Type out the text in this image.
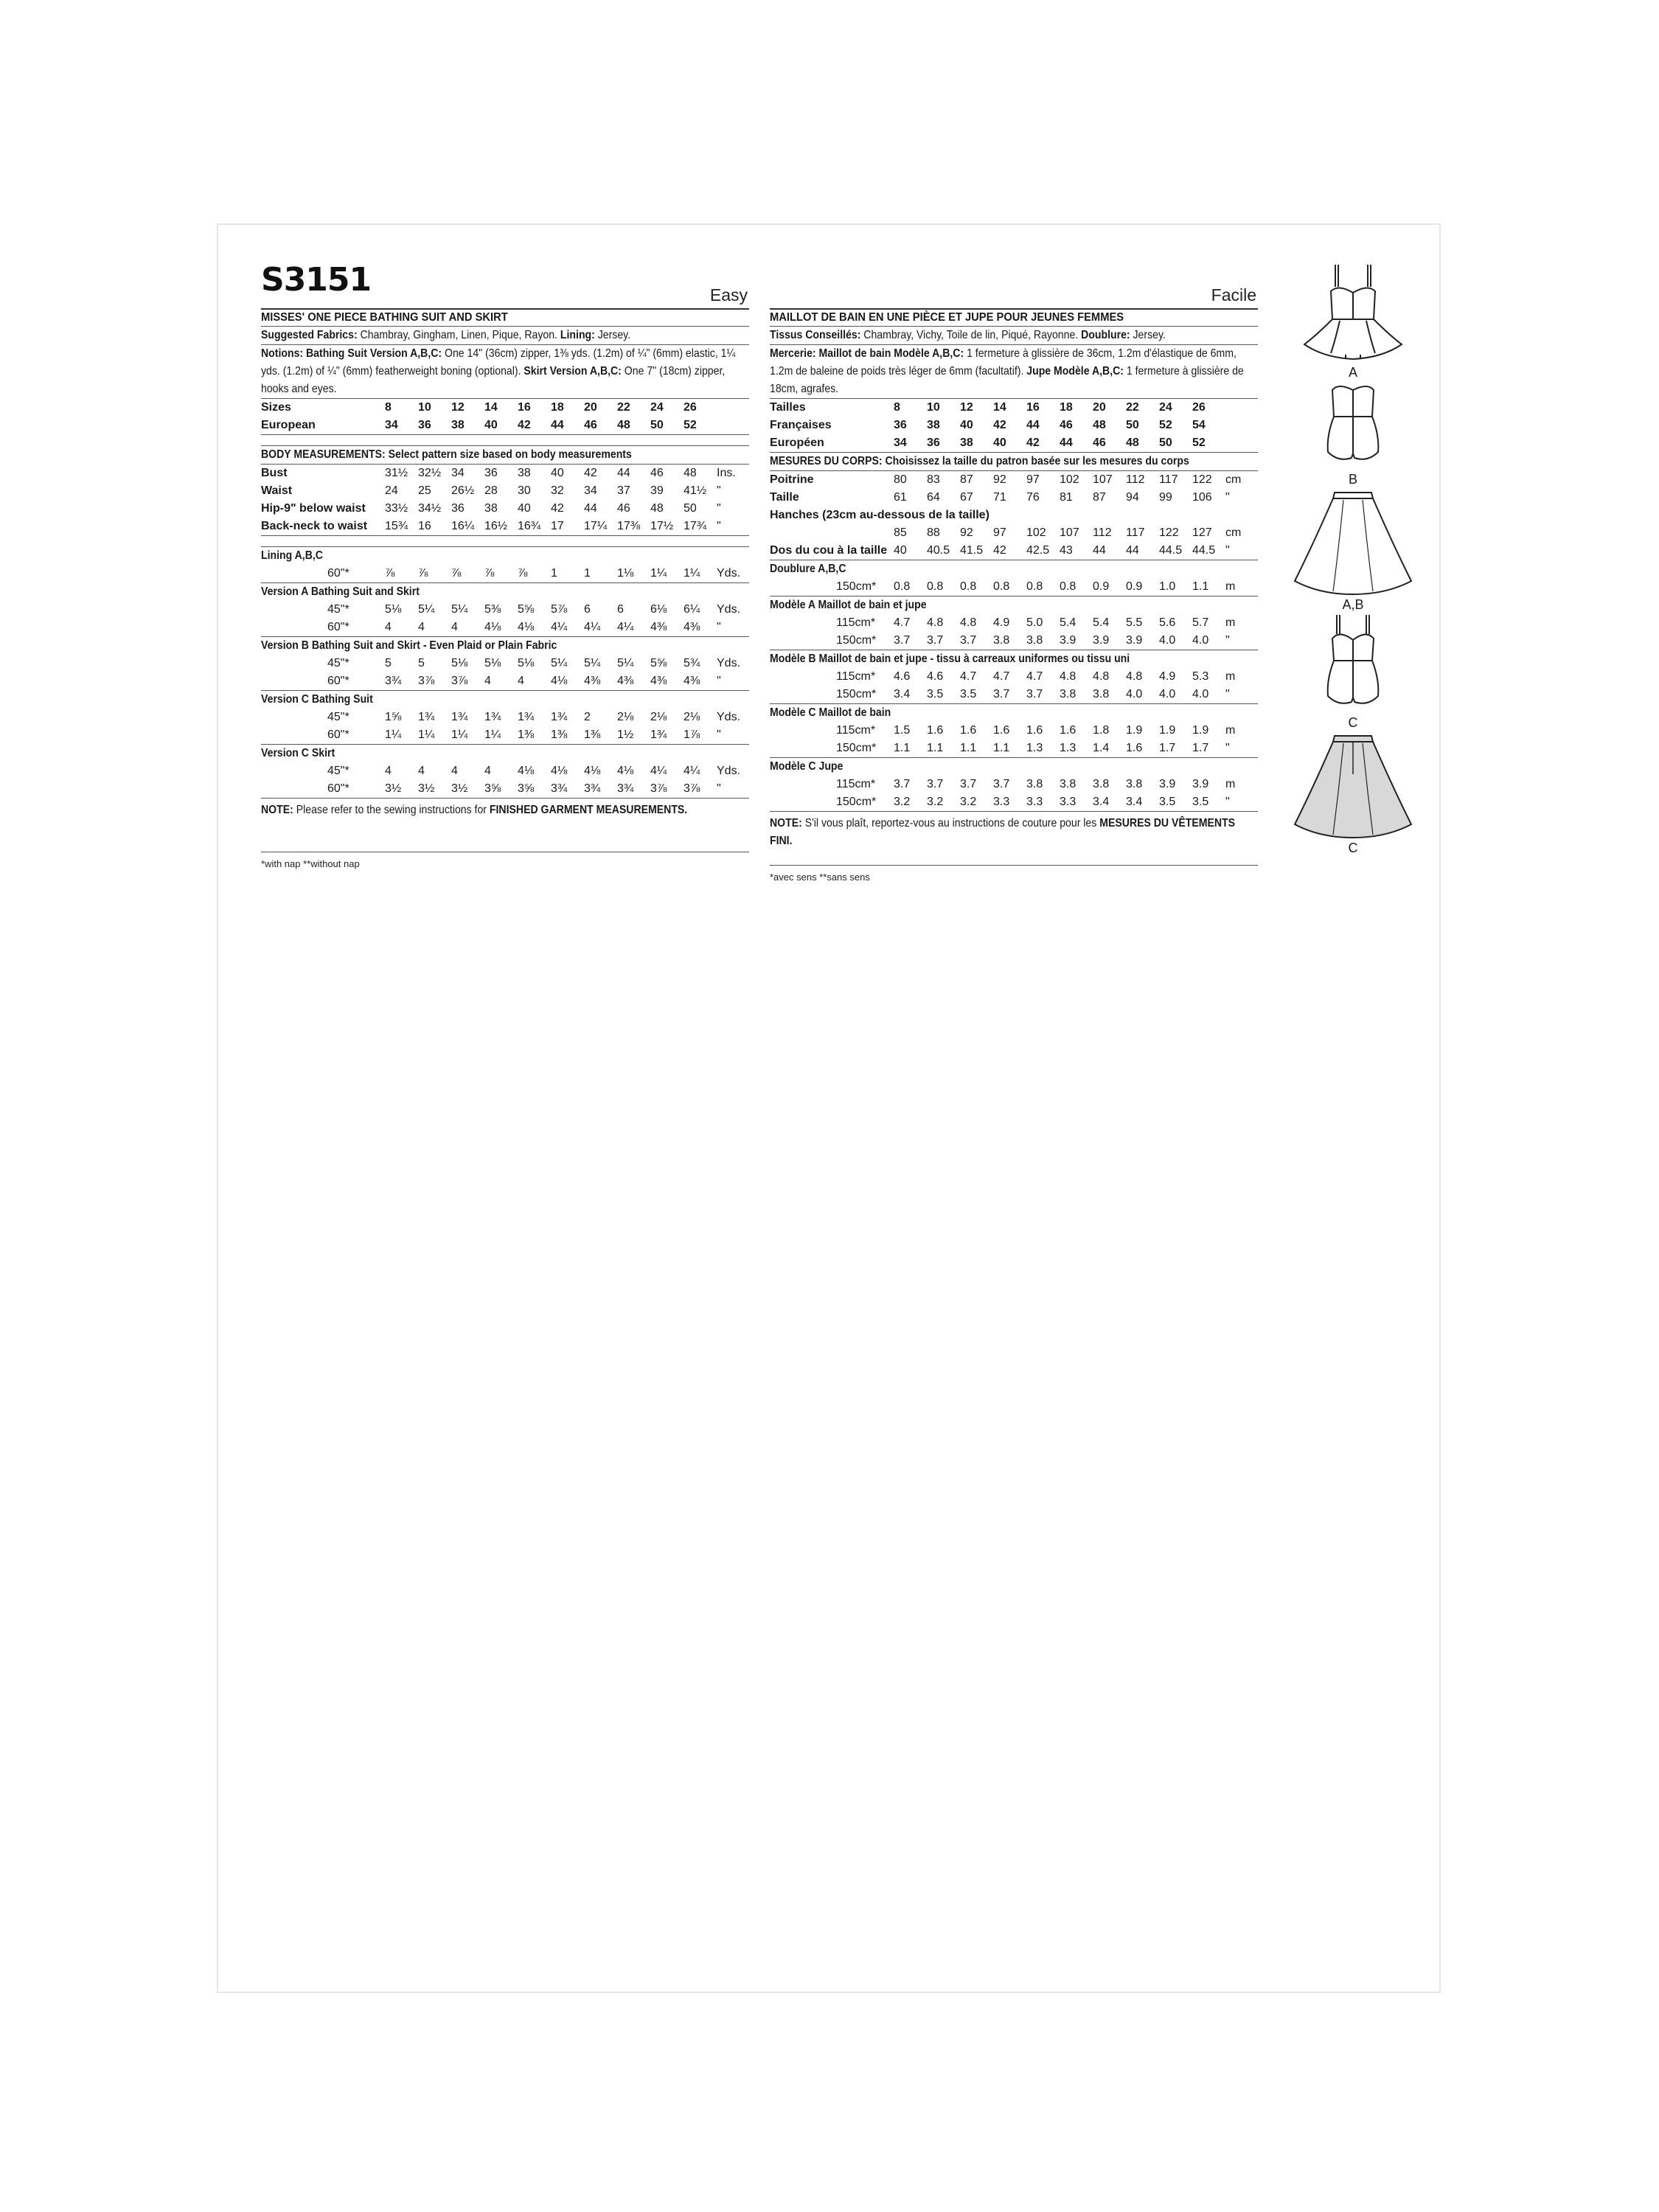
S3151	Easy
MISSES' ONE PIECE BATHING SUIT AND SKIRT
Suggested Fabrics: Chambray, Gingham, Linen, Pique, Rayon. Lining: Jersey.
Notions: Bathing Suit Version A,B,C: One 14" (36cm) zipper, 1⅜ yds. (1.2m) of ¼" (6mm) elastic, 1¼ yds. (1.2m) of ¼" (6mm) featherweight boning (optional). Skirt Version A,B,C: One 7" (18cm) zipper, hooks and eyes.
Sizes	8	10	12	14	16	18	20	22	24	26	
European	34	36	38	40	42	44	46	48	50	52	
BODY MEASUREMENTS: Select pattern size based on body measurements
Bust	31½	32½	34	36	38	40	42	44	46	48	Ins.
Waist	24	25	26½	28	30	32	34	37	39	41½	"
Hip-9" below waist	33½	34½	36	38	40	42	44	46	48	50	"
Back-neck to waist	15¾	16	16¼	16½	16¾	17	17¼	17⅜	17½	17¾	"
Lining A,B,C
60"*	⅞	⅞	⅞	⅞	⅞	1	1	1⅛	1¼	1¼	Yds.
Version A Bathing Suit and Skirt
45"*	5⅛	5¼	5¼	5⅜	5⅝	5⅞	6	6	6⅛	6¼	Yds.
60"*	4	4	4	4⅛	4⅛	4¼	4¼	4¼	4⅜	4⅜	"
Version B Bathing Suit and Skirt - Even Plaid or Plain Fabric
45"*	5	5	5⅛	5⅛	5⅛	5¼	5¼	5¼	5⅝	5¾	Yds.
60"*	3¾	3⅞	3⅞	4	4	4⅛	4⅜	4⅜	4⅜	4⅜	"
Version C Bathing Suit
45"*	1⅝	1¾	1¾	1¾	1¾	1¾	2	2⅛	2⅛	2⅛	Yds.
60"*	1¼	1¼	1¼	1¼	1⅜	1⅜	1⅜	1½	1¾	1⅞	"
Version C Skirt
45"*	4	4	4	4	4⅛	4⅛	4⅛	4⅛	4¼	4¼	Yds.
60"*	3½	3½	3½	3⅝	3⅝	3¾	3¾	3¾	3⅞	3⅞	"
NOTE: Please refer to the sewing instructions for FINISHED GARMENT MEASUREMENTS.
*with nap **without nap
Facile
MAILLOT DE BAIN EN UNE PIÈCE ET JUPE POUR JEUNES FEMMES
Tissus Conseillés: Chambray, Vichy, Toile de lin, Piqué, Rayonne. Doublure: Jersey.
Mercerie: Maillot de bain Modèle A,B,C: 1 fermeture à glissière de 36cm, 1.2m d'élastique de 6mm, 1.2m de baleine de poids très léger de 6mm (facultatif). Jupe Modèle A,B,C: 1 fermeture à glissière de 18cm, agrafes.
Tailles	8	10	12	14	16	18	20	22	24	26	
Françaises	36	38	40	42	44	46	48	50	52	54	
Européen	34	36	38	40	42	44	46	48	50	52	
MESURES DU CORPS: Choisissez la taille du patron basée sur les mesures du corps
Poitrine	80	83	87	92	97	102	107	112	117	122	cm
Taille	61	64	67	71	76	81	87	94	99	106	"
Hanches (23cm au-dessous de la taille)											
	85	88	92	97	102	107	112	117	122	127	cm
Dos du cou à la taille	40	40.5	41.5	42	42.5	43	44	44	44.5	44.5	"
Doublure A,B,C
150cm*	0.8	0.8	0.8	0.8	0.8	0.8	0.9	0.9	1.0	1.1	m
Modèle A Maillot de bain et jupe
115cm*	4.7	4.8	4.8	4.9	5.0	5.4	5.4	5.5	5.6	5.7	m
150cm*	3.7	3.7	3.7	3.8	3.8	3.9	3.9	3.9	4.0	4.0	"
Modèle B Maillot de bain et jupe - tissu à carreaux uniformes ou tissu uni
115cm*	4.6	4.6	4.7	4.7	4.7	4.8	4.8	4.8	4.9	5.3	m
150cm*	3.4	3.5	3.5	3.7	3.7	3.8	3.8	4.0	4.0	4.0	"
Modèle C Maillot de bain
115cm*	1.5	1.6	1.6	1.6	1.6	1.6	1.8	1.9	1.9	1.9	m
150cm*	1.1	1.1	1.1	1.1	1.3	1.3	1.4	1.6	1.7	1.7	"
Modèle C Jupe
115cm*	3.7	3.7	3.7	3.7	3.8	3.8	3.8	3.8	3.9	3.9	m
150cm*	3.2	3.2	3.2	3.3	3.3	3.3	3.4	3.4	3.5	3.5	"
NOTE: S'il vous plaît, reportez-vous au instructions de couture pour les MESURES DU VÊTEMENTS FINI.
*avec sens **sans sens
A
B
A,B
C
C
